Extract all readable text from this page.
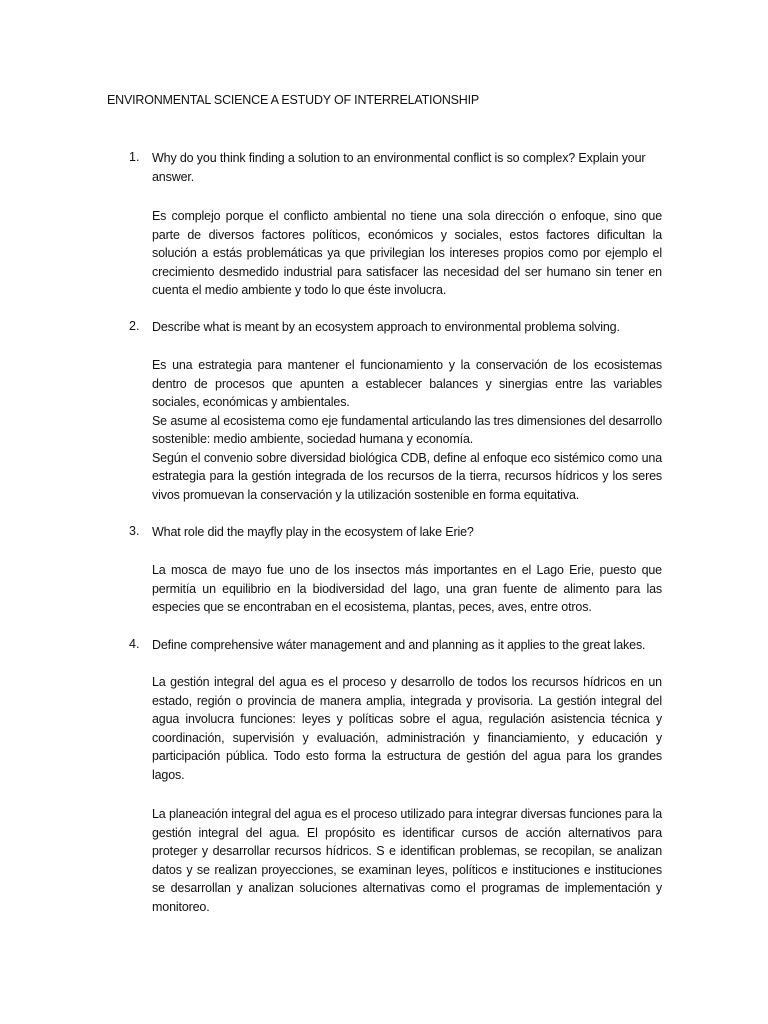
ENVIRONMENTAL SCIENCE A ESTUDY OF INTERRELATIONSHIP
1. Why do you think finding a solution to an environmental conflict is so complex? Explain your answer.

Es complejo porque el conflicto ambiental no tiene una sola dirección o enfoque, sino que parte de diversos factores políticos, económicos y sociales, estos factores dificultan la solución a estás problemáticas ya que privilegian los intereses propios como por ejemplo el crecimiento desmedido industrial para satisfacer las necesidad del ser humano sin tener en cuenta el medio ambiente y todo lo que éste involucra.

2. Describe what is meant by an ecosystem approach to environmental problema solving.

Es una estrategia para mantener el funcionamiento y la conservación de los ecosistemas dentro de procesos que apunten a establecer balances y sinergias entre las variables sociales, económicas y ambientales.

Se asume al ecosistema como eje fundamental articulando las tres dimensiones del desarrollo sostenible: medio ambiente, sociedad humana y economía.

Según el convenio sobre diversidad biológica CDB, define al enfoque eco sistémico como una estrategia para la gestión integrada de los recursos de la tierra, recursos hídricos y los seres vivos promuevan la conservación y la utilización sostenible en forma equitativa.

3. What role did the mayfly play in the ecosystem of lake Erie?

La mosca de mayo fue uno de los insectos más importantes en el Lago Erie, puesto que permitía un equilibrio en la biodiversidad del lago, una gran fuente de alimento para las especies que se encontraban en el ecosistema, plantas, peces, aves, entre otros.

4. Define comprehensive wáter management and and planning as it applies to the great lakes.

La gestión integral del agua es el proceso y desarrollo de todos los recursos hídricos en un estado, región o provincia de manera amplia, integrada y provisoria. La gestión integral del agua involucra funciones: leyes y políticas sobre el agua, regulación asistencia técnica y coordinación, supervisión y evaluación, administración y financiamiento, y educación y participación pública. Todo esto forma la estructura de gestión del agua para los grandes lagos.

La planeación integral del agua es el proceso utilizado para integrar diversas funciones para la gestión integral del agua. El propósito es identificar cursos de acción alternativos para proteger y desarrollar recursos hídricos. S e identifican problemas, se recopilan, se analizan datos y se realizan proyecciones, se examinan leyes, políticos e instituciones e instituciones se desarrollan y analizan soluciones alternativas como el programas de implementación y monitoreo.
